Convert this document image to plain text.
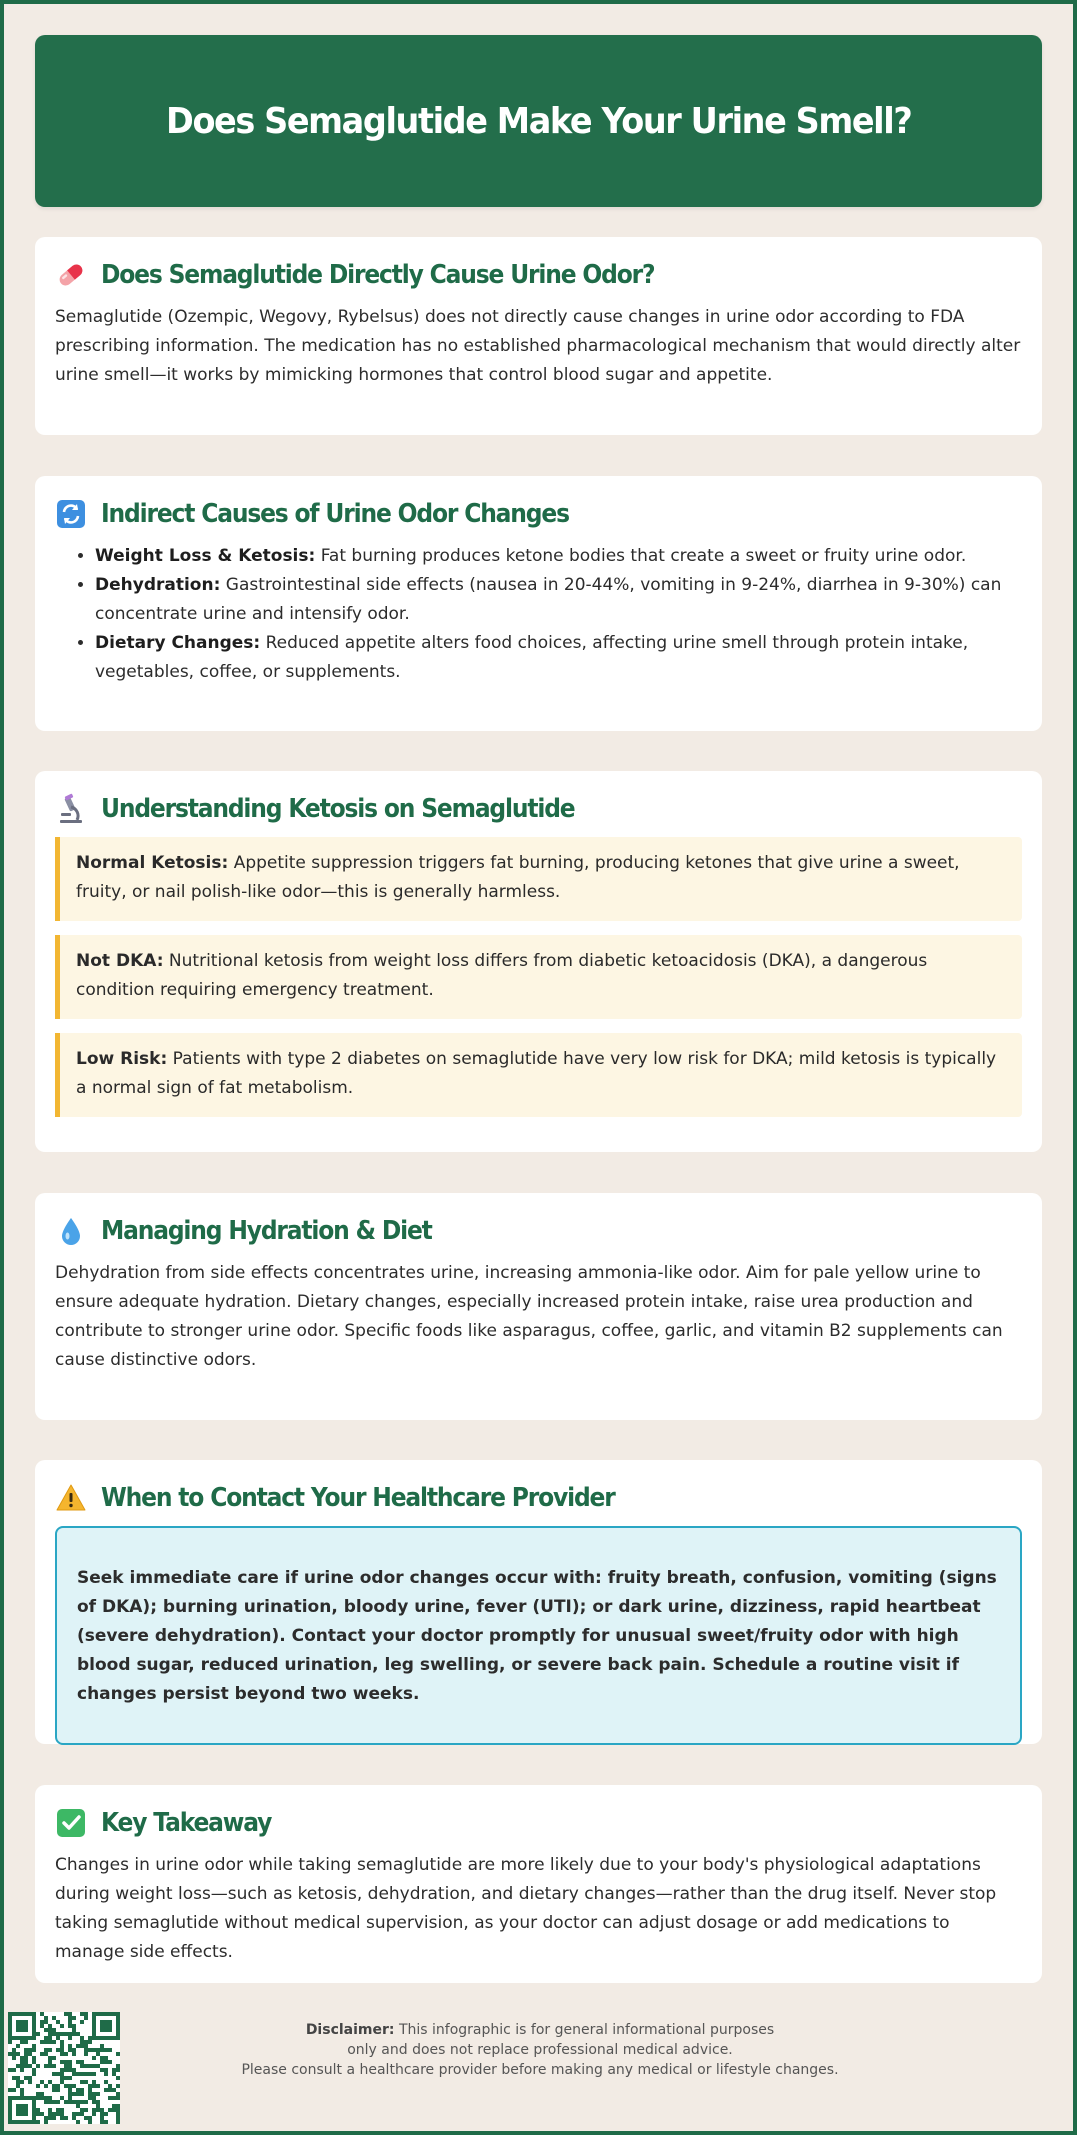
Does Semaglutide Make Your Urine Smell?
Does Semaglutide Directly Cause Urine Odor?

Semaglutide (Ozempic, Wegovy, Rybelsus) does not directly cause changes in urine odor according to FDA prescribing information. The medication has no established pharmacological mechanism that would directly alter urine smell—it works by mimicking hormones that control blood sugar and appetite.

Indirect Causes of Urine Odor Changes
• Weight Loss & Ketosis: Fat burning produces ketone bodies that create a sweet or fruity urine odor.
• Dehydration: Gastrointestinal side effects (nausea in 20-44%, vomiting in 9-24%, diarrhea in 9-30%) can concentrate urine and intensify odor.
• Dietary Changes: Reduced appetite alters food choices, affecting urine smell through protein intake, vegetables, coffee, or supplements.
Understanding Ketosis on Semaglutide
Normal Ketosis: Appetite suppression triggers fat burning, producing ketones that give urine a sweet, fruity, or nail polish-like odor—this is generally harmless.
Not DKA: Nutritional ketosis from weight loss differs from diabetic ketoacidosis (DKA), a dangerous condition requiring emergency treatment.
Low Risk: Patients with type 2 diabetes on semaglutide have very low risk for DKA; mild ketosis is typically a normal sign of fat metabolism.
Managing Hydration & Diet

Dehydration from side effects concentrates urine, increasing ammonia-like odor. Aim for pale yellow urine to ensure adequate hydration. Dietary changes, especially increased protein intake, raise urea production and contribute to stronger urine odor. Specific foods like asparagus, coffee, garlic, and vitamin B2 supplements can cause distinctive odors.

When to Contact Your Healthcare Provider
Seek immediate care if urine odor changes occur with: fruity breath, confusion, vomiting (signs of DKA); burning urination, bloody urine, fever (UTI); or dark urine, dizziness, rapid heartbeat (severe dehydration). Contact your doctor promptly for unusual sweet/fruity odor with high blood sugar, reduced urination, leg swelling, or severe back pain. Schedule a routine visit if changes persist beyond two weeks.
Key Takeaway

Changes in urine odor while taking semaglutide are more likely due to your body's physiological adaptations during weight loss—such as ketosis, dehydration, and dietary changes—rather than the drug itself. Never stop taking semaglutide without medical supervision, as your doctor can adjust dosage or add medications to manage side effects.

Disclaimer: This infographic is for general informational purposes
only and does not replace professional medical advice.
Please consult a healthcare provider before making any medical or lifestyle changes.
